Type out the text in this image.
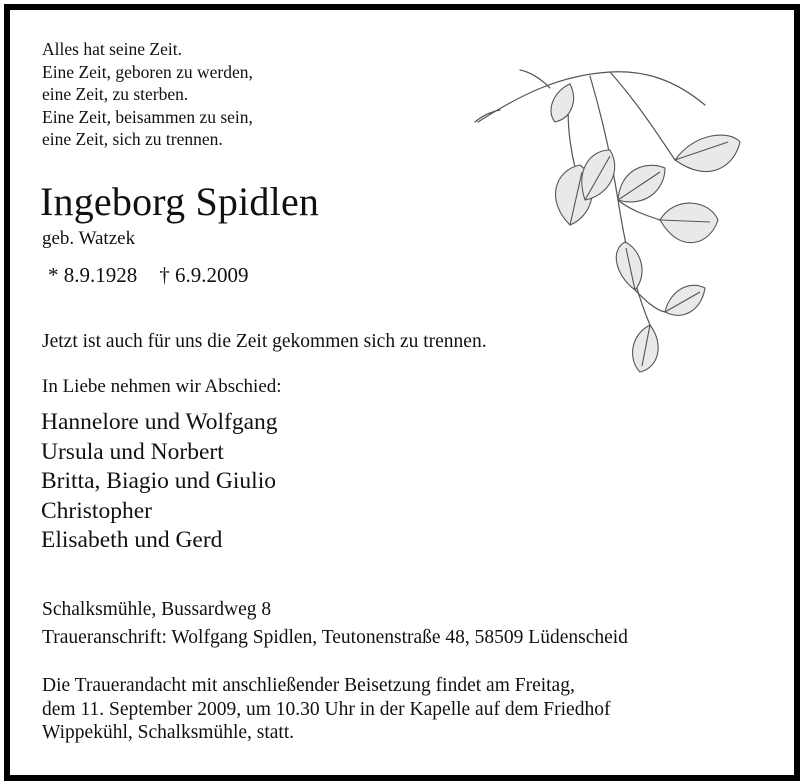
Alles hat seine Zeit.
Eine Zeit, geboren zu werden,
eine Zeit, zu sterben.
Eine Zeit, beisammen zu sein,
eine Zeit, sich zu trennen.
Ingeborg Spidlen
geb. Watzek
* 8.9.1928 † 6.9.2009
Jetzt ist auch für uns die Zeit gekommen sich zu trennen.
In Liebe nehmen wir Abschied:
Hannelore und Wolfgang
Ursula und Norbert
Britta, Biagio und Giulio
Christopher
Elisabeth und Gerd
Schalksmühle, Bussardweg 8
Traueranschrift: Wolfgang Spidlen, Teutonenstraße 48, 58509 Lüdenscheid
Die Trauerandacht mit anschließender Beisetzung findet am Freitag,
dem 11. September 2009, um 10.30 Uhr in der Kapelle auf dem Friedhof
Wippekühl, Schalksmühle, statt.
